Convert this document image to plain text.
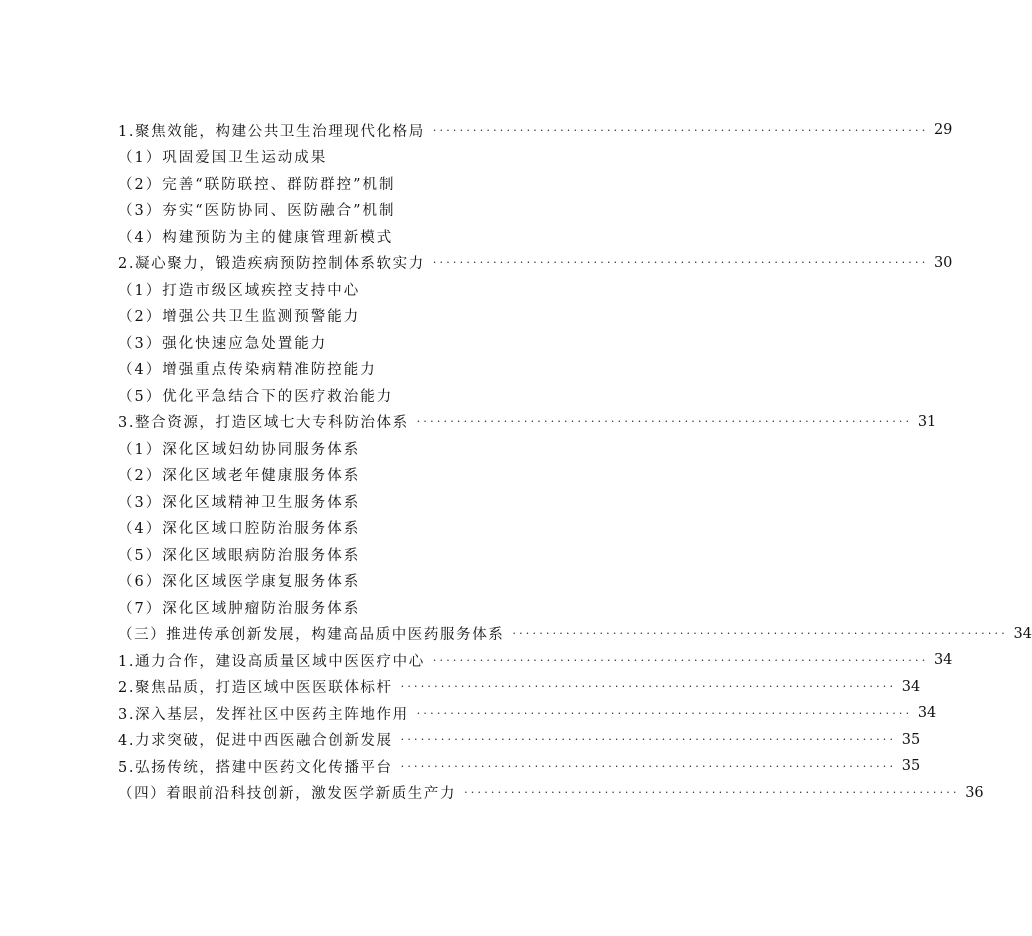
1.聚焦效能，构建公共卫生治理现代化格局 ·········································································· 29
（1）巩固爱国卫生运动成果
（2）完善“联防联控、群防群控”机制
（3）夯实“医防协同、医防融合”机制
（4）构建预防为主的健康管理新模式
2.凝心聚力，锻造疾病预防控制体系软实力 ·········································································· 30
（1）打造市级区域疾控支持中心
（2）增强公共卫生监测预警能力
（3）强化快速应急处置能力
（4）增强重点传染病精准防控能力
（5）优化平急结合下的医疗救治能力
3.整合资源，打造区域七大专科防治体系 ·········································································· 31
（1）深化区域妇幼协同服务体系
（2）深化区域老年健康服务体系
（3）深化区域精神卫生服务体系
（4）深化区域口腔防治服务体系
（5）深化区域眼病防治服务体系
（6）深化区域医学康复服务体系
（7）深化区域肿瘤防治服务体系
（三）推进传承创新发展，构建高品质中医药服务体系 ·········································································· 34
1.通力合作，建设高质量区域中医医疗中心 ·········································································· 34
2.聚焦品质，打造区域中医医联体标杆 ·········································································· 34
3.深入基层，发挥社区中医药主阵地作用 ·········································································· 34
4.力求突破，促进中西医融合创新发展 ·········································································· 35
5.弘扬传统，搭建中医药文化传播平台 ·········································································· 35
（四）着眼前沿科技创新，激发医学新质生产力 ·········································································· 36
